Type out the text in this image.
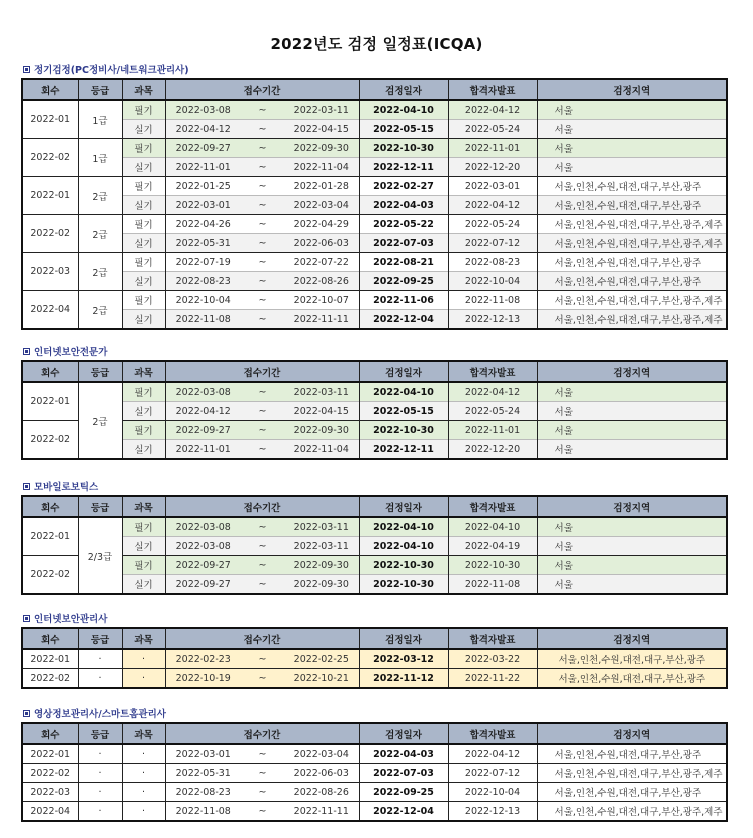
2022년도 검정 일정표(ICQA)
정기검정(PC정비사/네트워크관리사)
회수	등급	과목	접수기간			검정일자	합격자발표	검정지역
2022-01	1급	필기	2022-03-08	~	2022-03-11	2022-04-10	2022-04-12	서울
		실기	2022-04-12	~	2022-04-15	2022-05-15	2022-05-24	서울
2022-02	1급	필기	2022-09-27	~	2022-09-30	2022-10-30	2022-11-01	서울
		실기	2022-11-01	~	2022-11-04	2022-12-11	2022-12-20	서울
2022-01	2급	필기	2022-01-25	~	2022-01-28	2022-02-27	2022-03-01	서울,인천,수원,대전,대구,부산,광주
		실기	2022-03-01	~	2022-03-04	2022-04-03	2022-04-12	서울,인천,수원,대전,대구,부산,광주
2022-02	2급	필기	2022-04-26	~	2022-04-29	2022-05-22	2022-05-24	서울,인천,수원,대전,대구,부산,광주,제주
		실기	2022-05-31	~	2022-06-03	2022-07-03	2022-07-12	서울,인천,수원,대전,대구,부산,광주,제주
2022-03	2급	필기	2022-07-19	~	2022-07-22	2022-08-21	2022-08-23	서울,인천,수원,대전,대구,부산,광주
		실기	2022-08-23	~	2022-08-26	2022-09-25	2022-10-04	서울,인천,수원,대전,대구,부산,광주
2022-04	2급	필기	2022-10-04	~	2022-10-07	2022-11-06	2022-11-08	서울,인천,수원,대전,대구,부산,광주,제주
		실기	2022-11-08	~	2022-11-11	2022-12-04	2022-12-13	서울,인천,수원,대전,대구,부산,광주,제주
인터넷보안전문가
회수	등급	과목	접수기간			검정일자	합격자발표	검정지역
2022-01	2급	필기	2022-03-08	~	2022-03-11	2022-04-10	2022-04-12	서울
		실기	2022-04-12	~	2022-04-15	2022-05-15	2022-05-24	서울
2022-02		필기	2022-09-27	~	2022-09-30	2022-10-30	2022-11-01	서울
		실기	2022-11-01	~	2022-11-04	2022-12-11	2022-12-20	서울
모바일로보틱스
회수	등급	과목	접수기간			검정일자	합격자발표	검정지역
2022-01	2/3급	필기	2022-03-08	~	2022-03-11	2022-04-10	2022-04-10	서울
		실기	2022-03-08	~	2022-03-11	2022-04-10	2022-04-19	서울
2022-02		필기	2022-09-27	~	2022-09-30	2022-10-30	2022-10-30	서울
		실기	2022-09-27	~	2022-09-30	2022-10-30	2022-11-08	서울
인터넷보안관리사
회수	등급	과목	접수기간			검정일자	합격자발표	검정지역
2022-01	·	·	2022-02-23	~	2022-02-25	2022-03-12	2022-03-22	서울,인천,수원,대전,대구,부산,광주
2022-02	·	·	2022-10-19	~	2022-10-21	2022-11-12	2022-11-22	서울,인천,수원,대전,대구,부산,광주
영상정보관리사/스마트홈관리사
회수	등급	과목	접수기간			검정일자	합격자발표	검정지역
2022-01	·	·	2022-03-01	~	2022-03-04	2022-04-03	2022-04-12	서울,인천,수원,대전,대구,부산,광주
2022-02	·	·	2022-05-31	~	2022-06-03	2022-07-03	2022-07-12	서울,인천,수원,대전,대구,부산,광주,제주
2022-03	·	·	2022-08-23	~	2022-08-26	2022-09-25	2022-10-04	서울,인천,수원,대전,대구,부산,광주
2022-04	·	·	2022-11-08	~	2022-11-11	2022-12-04	2022-12-13	서울,인천,수원,대전,대구,부산,광주,제주
